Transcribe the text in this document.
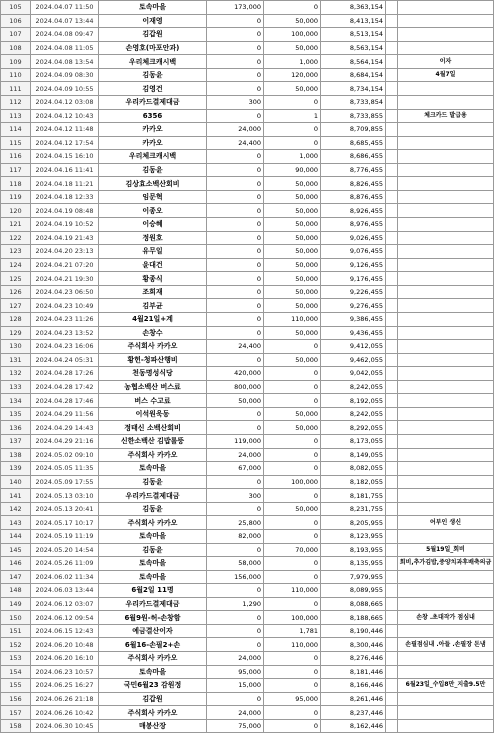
105	2024.04.07 11:50	토속마을	173,000	0	8,363,154		
106	2024.04.07 13:44	이재영	0	50,000	8,413,154		
107	2024.04.08 09:47	김갑원	0	100,000	8,513,154		
108	2024.04.08 11:05	손영호(마포안과)	0	50,000	8,563,154		
109	2024.04.08 13:54	우리체크캐시백	0	1,000	8,564,154		이자
110	2024.04.09 08:30	김동윤	0	120,000	8,684,154		4월7일
111	2024.04.09 10:55	김영건	0	50,000	8,734,154		
112	2024.04.12 03:08	우리카드결제대금	300	0	8,733,854		
113	2024.04.12 10:43	6356	0	1	8,733,855		체크카드 발급용
114	2024.04.12 11:48	카카오	24,000	0	8,709,855		
115	2024.04.12 17:54	카카오	24,400	0	8,685,455		
116	2024.04.15 16:10	우리체크캐시백	0	1,000	8,686,455		
117	2024.04.16 11:41	김동윤	0	90,000	8,776,455		
118	2024.04.18 11:21	김상효소백산회비	0	50,000	8,826,455		
119	2024.04.18 12:33	임문혁	0	50,000	8,876,455		
120	2024.04.19 08:48	이종오	0	50,000	8,926,455		
121	2024.04.19 10:52	이승혜	0	50,000	8,976,455		
122	2024.04.19 21:43	정원호	0	50,000	9,026,455		
123	2024.04.20 23:13	유무일	0	50,000	9,076,455		
124	2024.04.21 07:20	윤대건	0	50,000	9,126,455		
125	2024.04.21 19:30	황종식	0	50,000	9,176,455		
126	2024.04.23 06:50	조희재	0	50,000	9,226,455		
127	2024.04.23 10:49	김부균	0	50,000	9,276,455		
128	2024.04.23 11:26	4월21일+계	0	110,000	9,386,455		
129	2024.04.23 13:52	손창수	0	50,000	9,436,455		
130	2024.04.23 16:06	주식회사 카카오	24,400	0	9,412,055		
131	2024.04.24 05:31	황헌-청파산행비	0	50,000	9,462,055		
132	2024.04.28 17:26	천동명성식당	420,000	0	9,042,055		
133	2024.04.28 17:42	농협소백산 버스료	800,000	0	8,242,055		
134	2024.04.28 17:46	버스 수고료	50,000	0	8,192,055		
135	2024.04.29 11:56	이석원욱동	0	50,000	8,242,055		
136	2024.04.29 14:43	정태신 소백산회비	0	50,000	8,292,055		
137	2024.04.29 21:16	신한소백산 김밥롤뚱	119,000	0	8,173,055		
138	2024.05.02 09:10	주식회사 카카오	24,000	0	8,149,055		
139	2024.05.05 11:35	토속마을	67,000	0	8,082,055		
140	2024.05.09 17:55	김동윤	0	100,000	8,182,055		
141	2024.05.13 03:10	우리카드결제대금	300	0	8,181,755		
142	2024.05.13 20:41	김동윤	0	50,000	8,231,755		
143	2024.05.17 10:17	주식회사 카카오	25,800	0	8,205,955		어부인 생신
144	2024.05.19 11:19	토속마을	82,000	0	8,123,955		
145	2024.05.20 14:54	김동윤	0	70,000	8,193,955		5월19일_회비
146	2024.05.26 11:09	토속마을	58,000	0	8,135,955		회비,추가김밥,중양치과후배축의금
147	2024.06.02 11:34	토속마을	156,000	0	7,979,955		
148	2024.06.03 13:44	6월2일 11명	0	110,000	8,089,955		
149	2024.06.12 03:07	우리카드결제대금	1,290	0	8,088,665		
150	2024.06.12 09:54	6월9원-허-손창함	0	100,000	8,188,665		손창 .초대작가 점심내
151	2024.06.15 12:43	예금결산이자	0	1,781	8,190,446		
152	2024.06.20 10:48	6월16-손필2+손	0	110,000	8,300,446		손필점심내 .아들 .손필장 돈냄
153	2024.06.20 16:10	주식회사 카카오	24,000	0	8,276,446		
154	2024.06.23 10:57	토속마을	95,000	0	8,181,446		
155	2024.06.25 16:27	국민6월23 감원정	15,000	0	8,166,446		6월23일_수입8만_지출9.5만
156	2024.06.26 21:18	김갑원	0	95,000	8,261,446		
157	2024.06.26 10:42	주식회사 카카오	24,000	0	8,237,446		
158	2024.06.30 10:45	매봉산장	75,000	0	8,162,446		
